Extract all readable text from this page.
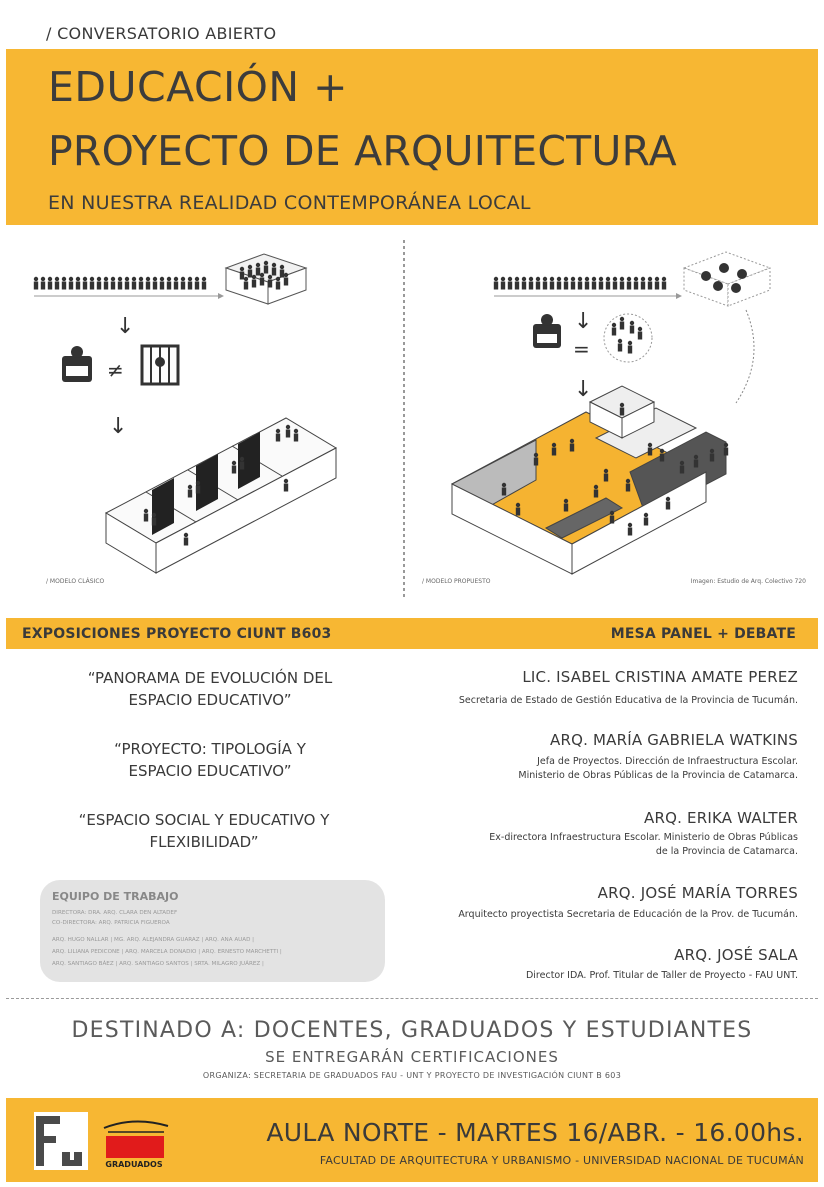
/ CONVERSATORIO ABIERTO
EDUCACIÓN +
PROYECTO DE ARQUITECTURA
EN NUESTRA REALIDAD CONTEMPORÁNEA LOCAL
↓
≠
↓
↓
=
↓
/ MODELO CLÁSICO	/ MODELO PROPUESTO	Imagen: Estudio de Arq. Colectivo 720
EXPOSICIONES PROYECTO CIUNT B603	MESA PANEL + DEBATE
“PANORAMA DE EVOLUCIÓN DEL
ESPACIO EDUCATIVO”
“PROYECTO: TIPOLOGÍA Y
ESPACIO EDUCATIVO”
“ESPACIO SOCIAL Y EDUCATIVO Y
FLEXIBILIDAD”
LIC. ISABEL CRISTINA AMATE PEREZ
Secretaria de Estado de Gestión Educativa de la Provincia de Tucumán.
ARQ. MARÍA GABRIELA WATKINS
Jefa de Proyectos. Dirección de Infraestructura Escolar.
Ministerio de Obras Públicas de la Provincia de Catamarca.
ARQ. ERIKA WALTER
Ex-directora Infraestructura Escolar. Ministerio de Obras Públicas
de la Provincia de Catamarca.
ARQ. JOSÉ MARÍA TORRES
Arquitecto proyectista Secretaria de Educación de la Prov. de Tucumán.
ARQ. JOSÉ SALA
Director IDA. Prof. Titular de Taller de Proyecto - FAU UNT.
EQUIPO DE TRABAJO
DIRECTORA: DRA. ARQ. CLARA DEN ALTADEF
CO-DIRECTORA: ARQ. PATRICIA FIGUEROA
ARQ. HUGO NALLAR | MG. ARQ. ALEJANDRA GUARAZ | ARQ. ANA AUAD |
ARQ. LILIANA PEDICONE | ARQ. MARCELA DONADIO | ARQ. ERNESTO MARCHETTI |
ARQ. SANTIAGO BÁEZ | ARQ. SANTIAGO SANTOS | SRTA. MILAGRO JUÁREZ |
DESTINADO A: DOCENTES, GRADUADOS Y ESTUDIANTES
SE ENTREGARÁN CERTIFICACIONES
ORGANIZA: SECRETARIA DE GRADUADOS FAU - UNT Y PROYECTO DE INVESTIGACIÓN CIUNT B 603
GRADUADOS
AULA NORTE - MARTES 16/ABR. - 16.00hs.
FACULTAD DE ARQUITECTURA Y URBANISMO - UNIVERSIDAD NACIONAL DE TUCUMÁN
